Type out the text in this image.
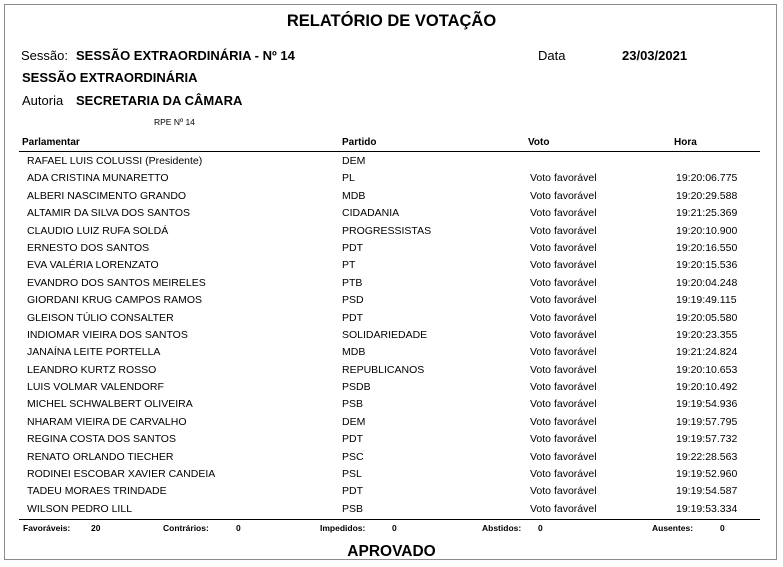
RELATÓRIO DE VOTAÇÃO
Sessão: SESSÃO EXTRAORDINÁRIA - Nº 14	Data	23/03/2021
SESSÃO EXTRAORDINÁRIA
Autoria SECRETARIA DA CÂMARA
RPE Nº 14
Parlamentar	Partido	Voto	Hora
RAFAEL LUIS COLUSSI (Presidente)	DEM
ADA CRISTINA MUNARETTO	PL	Voto favorável	19:20:06.775
ALBERI NASCIMENTO GRANDO	MDB	Voto favorável	19:20:29.588
ALTAMIR DA SILVA DOS SANTOS	CIDADANIA	Voto favorável	19:21:25.369
CLAUDIO LUIZ RUFA SOLDÁ	PROGRESSISTAS	Voto favorável	19:20:10.900
ERNESTO DOS SANTOS	PDT	Voto favorável	19:20:16.550
EVA VALÉRIA LORENZATO	PT	Voto favorável	19:20:15.536
EVANDRO DOS SANTOS MEIRELES	PTB	Voto favorável	19:20:04.248
GIORDANI KRUG CAMPOS RAMOS	PSD	Voto favorável	19:19:49.115
GLEISON TÚLIO CONSALTER	PDT	Voto favorável	19:20:05.580
INDIOMAR VIEIRA DOS SANTOS	SOLIDARIEDADE	Voto favorável	19:20:23.355
JANAÍNA LEITE PORTELLA	MDB	Voto favorável	19:21:24.824
LEANDRO KURTZ ROSSO	REPUBLICANOS	Voto favorável	19:20:10.653
LUIS VOLMAR VALENDORF	PSDB	Voto favorável	19:20:10.492
MICHEL SCHWALBERT OLIVEIRA	PSB	Voto favorável	19:19:54.936
NHARAM VIEIRA DE CARVALHO	DEM	Voto favorável	19:19:57.795
REGINA COSTA DOS SANTOS	PDT	Voto favorável	19:19:57.732
RENATO ORLANDO TIECHER	PSC	Voto favorável	19:22:28.563
RODINEI ESCOBAR XAVIER CANDEIA	PSL	Voto favorável	19:19:52.960
TADEU MORAES TRINDADE	PDT	Voto favorável	19:19:54.587
WILSON PEDRO LILL	PSB	Voto favorável	19:19:53.334
Favoráveis: 20	Contrários:	0	Impedidos:	0	Abstidos: 0	Ausentes:	0
APROVADO
